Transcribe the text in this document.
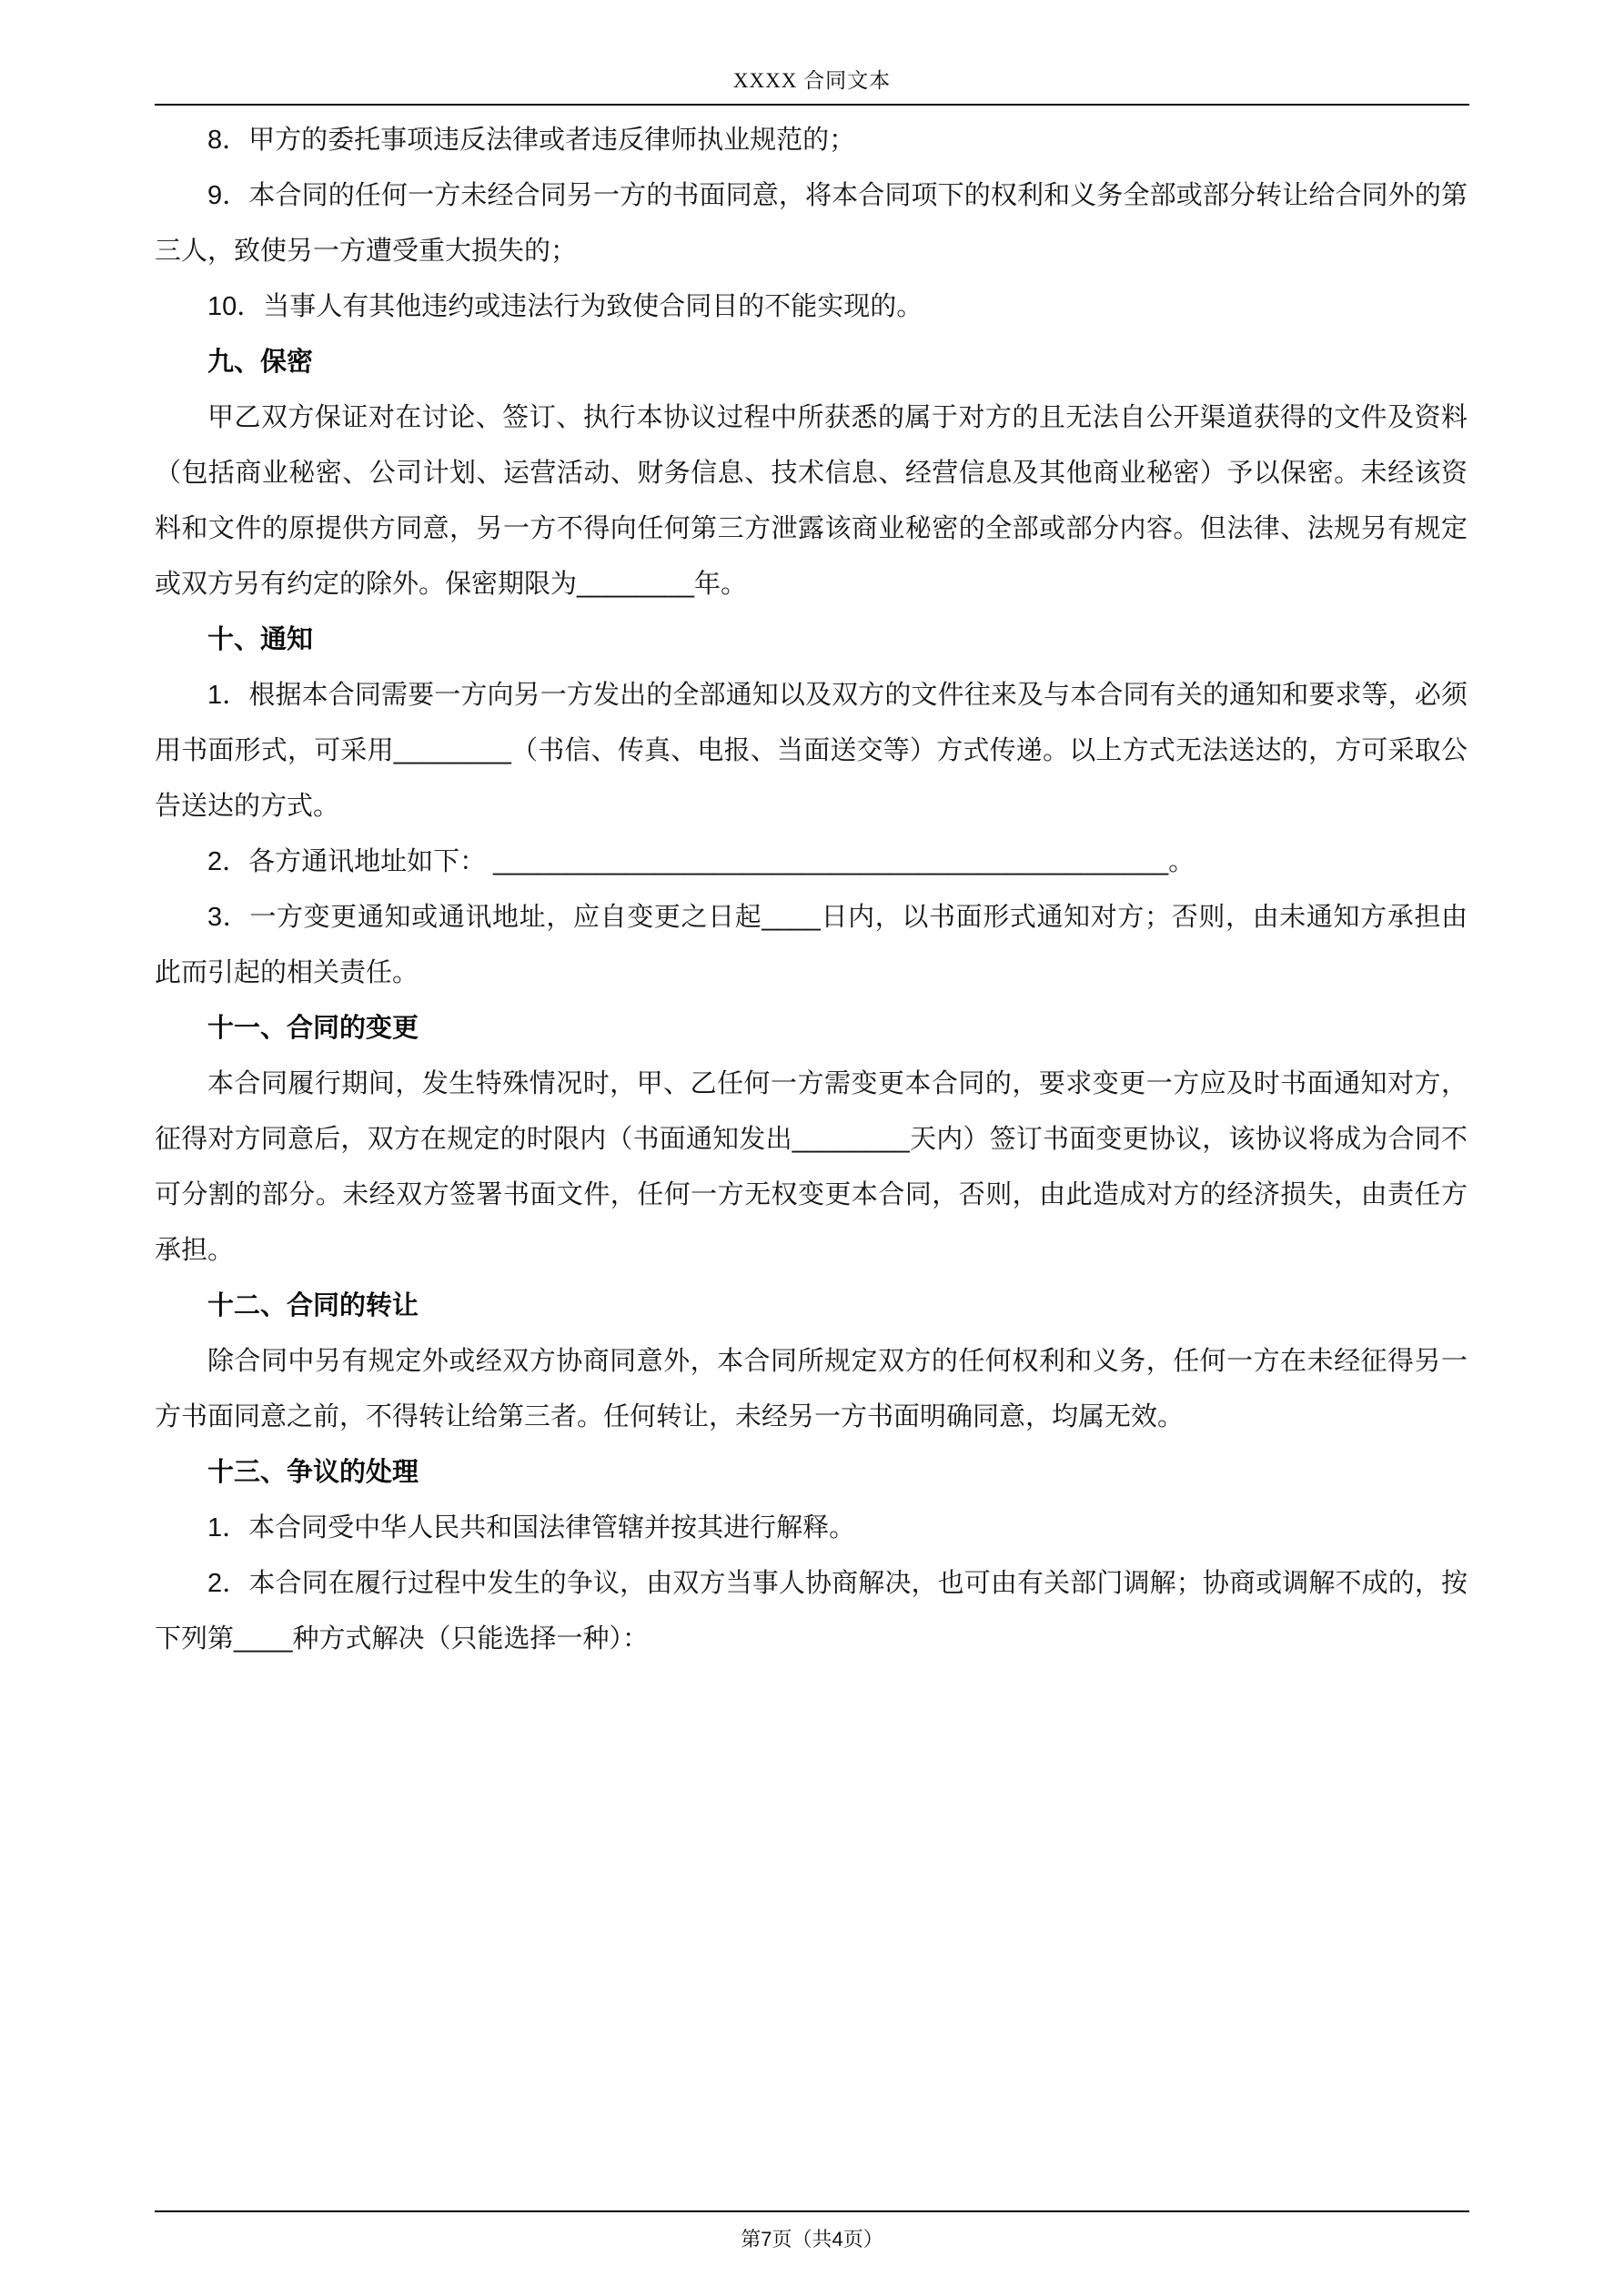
XXXX 合同文本

8．甲方的委托事项违反法律或者违反律师执业规范的；

9．本合同的任何一方未经合同另一方的书面同意，将本合同项下的权利和义务全部或部分转让给合同外的第三人，致使另一方遭受重大损失的；

10．当事人有其他违约或违法行为致使合同目的不能实现的。

九、保密

甲乙双方保证对在讨论、签订、执行本协议过程中所获悉的属于对方的且无法自公开渠道获得的文件及资料（包括商业秘密、公司计划、运营活动、财务信息、技术信息、经营信息及其他商业秘密）予以保密。未经该资料和文件的原提供方同意，另一方不得向任何第三方泄露该商业秘密的全部或部分内容。但法律、法规另有规定或双方另有约定的除外。保密期限为________年。

十、通知

1．根据本合同需要一方向另一方发出的全部通知以及双方的文件往来及与本合同有关的通知和要求等，必须用书面形式，可采用________（书信、传真、电报、当面送交等）方式传递。以上方式无法送达的，方可采取公告送达的方式。

2．各方通讯地址如下： ______________________________________________。

3．一方变更通知或通讯地址，应自变更之日起____日内，以书面形式通知对方；否则，由未通知方承担由此而引起的相关责任。

十一、合同的变更

本合同履行期间，发生特殊情况时，甲、乙任何一方需变更本合同的，要求变更一方应及时书面通知对方，征得对方同意后，双方在规定的时限内（书面通知发出________天内）签订书面变更协议，该协议将成为合同不可分割的部分。未经双方签署书面文件，任何一方无权变更本合同，否则，由此造成对方的经济损失，由责任方承担。

十二、合同的转让

除合同中另有规定外或经双方协商同意外，本合同所规定双方的任何权利和义务，任何一方在未经征得另一方书面同意之前，不得转让给第三者。任何转让，未经另一方书面明确同意，均属无效。

十三、争议的处理

1．本合同受中华人民共和国法律管辖并按其进行解释。

2．本合同在履行过程中发生的争议，由双方当事人协商解决，也可由有关部门调解；协商或调解不成的，按下列第____种方式解决（只能选择一种）：

第7页（共4页）
